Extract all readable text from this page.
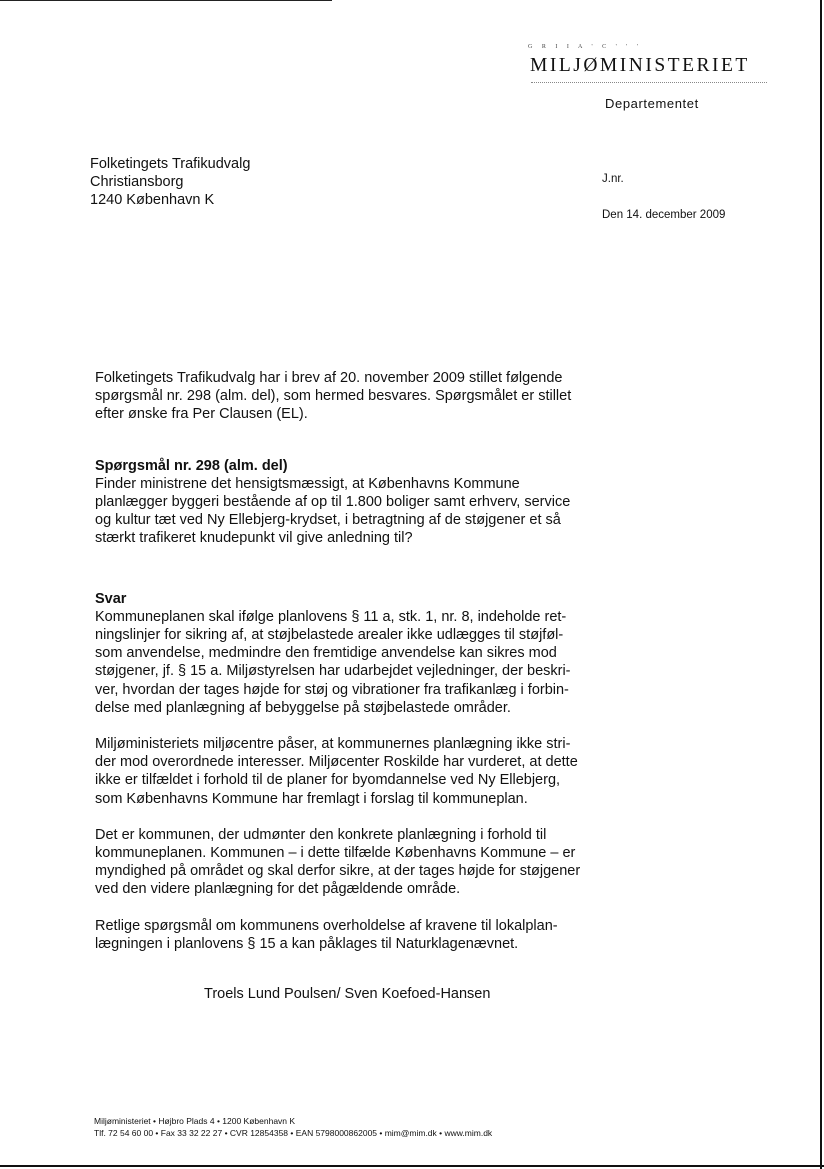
G R I I A ' C ' ' '
MILJØMINISTERIET
Departementet
Folketingets Trafikudvalg
Christiansborg
1240 København K
J.nr.
Den 14. december 2009

Folketingets Trafikudvalg har i brev af 20. november 2009 stillet følgende
spørgsmål nr. 298 (alm. del), som hermed besvares. Spørgsmålet er stillet
efter ønske fra Per Clausen (EL).

Spørgsmål nr. 298 (alm. del)
Finder ministrene det hensigtsmæssigt, at Københavns Kommune
planlægger byggeri bestående af op til 1.800 boliger samt erhverv, service
og kultur tæt ved Ny Ellebjerg-krydset, i betragtning af de støjgener et så
stærkt trafikeret knudepunkt vil give anledning til?

Svar
Kommuneplanen skal ifølge planlovens § 11 a, stk. 1, nr. 8, indeholde ret-
ningslinjer for sikring af, at støjbelastede arealer ikke udlægges til støjføl-
som anvendelse, medmindre den fremtidige anvendelse kan sikres mod
støjgener, jf. § 15 a. Miljøstyrelsen har udarbejdet vejledninger, der beskri-
ver, hvordan der tages højde for støj og vibrationer fra trafikanlæg i forbin-
delse med planlægning af bebyggelse på støjbelastede områder.

Miljøministeriets miljøcentre påser, at kommunernes planlægning ikke stri-
der mod overordnede interesser. Miljøcenter Roskilde har vurderet, at dette
ikke er tilfældet i forhold til de planer for byomdannelse ved Ny Ellebjerg,
som Københavns Kommune har fremlagt i forslag til kommuneplan.

Det er kommunen, der udmønter den konkrete planlægning i forhold til
kommuneplanen. Kommunen – i dette tilfælde Københavns Kommune – er
myndighed på området og skal derfor sikre, at der tages højde for støjgener
ved den videre planlægning for det pågældende område.

Retlige spørgsmål om kommunens overholdelse af kravene til lokalplan-
lægningen i planlovens § 15 a kan påklages til Naturklagenævnet.

Troels Lund Poulsen/ Sven Koefoed-Hansen
Miljøministeriet • Højbro Plads 4 • 1200 København K
Tlf. 72 54 60 00 • Fax 33 32 22 27 • CVR 12854358 • EAN 5798000862005 • mim@mim.dk • www.mim.dk
